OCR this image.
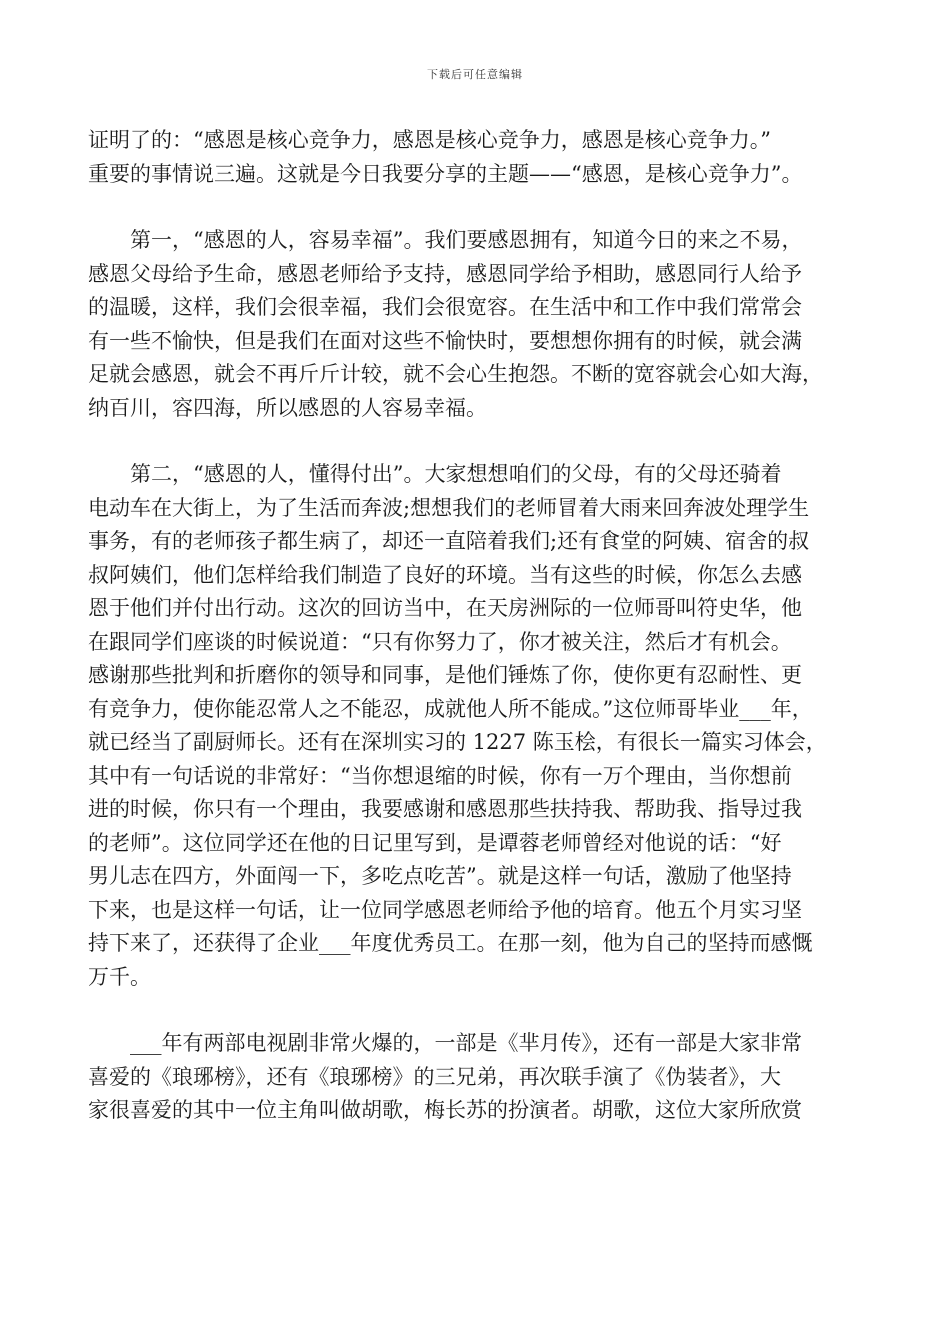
下载后可任意编辑
证明了的：“感恩是核心竞争力，感恩是核心竞争力，感恩是核心竞争力。”
重要的事情说三遍。这就是今日我要分享的主题——“感恩，是核心竞争力”。
　　第一，“感恩的人，容易幸福”。我们要感恩拥有，知道今日的来之不易，
感恩父母给予生命，感恩老师给予支持，感恩同学给予相助，感恩同行人给予
的温暖，这样，我们会很幸福，我们会很宽容。在生活中和工作中我们常常会
有一些不愉快，但是我们在面对这些不愉快时，要想想你拥有的时候，就会满
足就会感恩，就会不再斤斤计较，就不会心生抱怨。不断的宽容就会心如大海，
纳百川，容四海，所以感恩的人容易幸福。
　　第二，“感恩的人，懂得付出”。大家想想咱们的父母，有的父母还骑着
电动车在大街上，为了生活而奔波;想想我们的老师冒着大雨来回奔波处理学生
事务，有的老师孩子都生病了，却还一直陪着我们;还有食堂的阿姨、宿舍的叔
叔阿姨们，他们怎样给我们制造了良好的环境。当有这些的时候，你怎么去感
恩于他们并付出行动。这次的回访当中，在天房洲际的一位师哥叫符史华，他
在跟同学们座谈的时候说道：“只有你努力了，你才被关注，然后才有机会。
感谢那些批判和折磨你的领导和同事，是他们锤炼了你，使你更有忍耐性、更
有竞争力，使你能忍常人之不能忍，成就他人所不能成。”这位师哥毕业___年，
就已经当了副厨师长。还有在深圳实习的 1227 陈玉桧，有很长一篇实习体会，
其中有一句话说的非常好：“当你想退缩的时候，你有一万个理由，当你想前
进的时候，你只有一个理由，我要感谢和感恩那些扶持我、帮助我、指导过我
的老师”。这位同学还在他的日记里写到，是谭蓉老师曾经对他说的话：“好
男儿志在四方，外面闯一下，多吃点吃苦”。就是这样一句话，激励了他坚持
下来，也是这样一句话，让一位同学感恩老师给予他的培育。他五个月实习坚
持下来了，还获得了企业___年度优秀员工。在那一刻，他为自己的坚持而感慨
万千。
　　___年有两部电视剧非常火爆的，一部是《芈月传》，还有一部是大家非常
喜爱的《琅琊榜》，还有《琅琊榜》的三兄弟，再次联手演了《伪装者》，大
家很喜爱的其中一位主角叫做胡歌，梅长苏的扮演者。胡歌，这位大家所欣赏
